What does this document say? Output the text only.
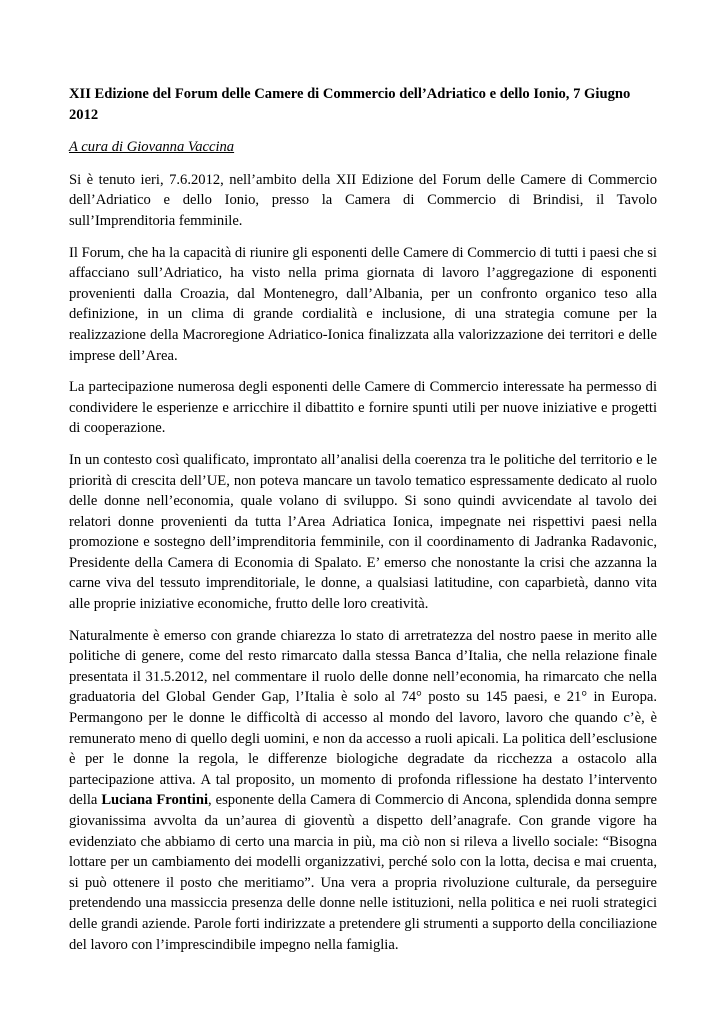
XII Edizione del Forum delle Camere di Commercio dell’Adriatico e dello Ionio, 7 Giugno 2012
A cura di Giovanna Vaccina

Si è tenuto ieri, 7.6.2012, nell’ambito della XII Edizione del Forum delle Camere di Commercio dell’Adriatico e dello Ionio, presso la Camera di Commercio di Brindisi, il Tavolo sull’Imprenditoria femminile.

Il Forum, che ha la capacità di riunire gli esponenti delle Camere di Commercio di tutti i paesi che si affacciano sull’Adriatico, ha visto nella prima giornata di lavoro l’aggregazione di esponenti provenienti dalla Croazia, dal Montenegro, dall’Albania, per un confronto organico teso alla definizione, in un clima di grande cordialità e inclusione, di una strategia comune per la realizzazione della Macroregione Adriatico-Ionica finalizzata alla valorizzazione dei territori e delle imprese dell’Area.

La partecipazione numerosa degli esponenti delle Camere di Commercio interessate ha permesso di condividere le esperienze e arricchire il dibattito e fornire spunti utili per nuove iniziative e progetti di cooperazione.

In un contesto così qualificato, improntato all’analisi della coerenza tra le politiche del territorio e le priorità di crescita dell’UE, non poteva mancare un tavolo tematico espressamente dedicato al ruolo delle donne nell’economia, quale volano di sviluppo. Si sono quindi avvicendate al tavolo dei relatori donne provenienti da tutta l’Area Adriatica Ionica, impegnate nei rispettivi paesi nella promozione e sostegno dell’imprenditoria femminile, con il coordinamento di Jadranka Radavonic, Presidente della Camera di Economia di Spalato. E’ emerso che nonostante la crisi che azzanna la carne viva del tessuto imprenditoriale, le donne, a qualsiasi latitudine, con caparbietà, danno vita alle proprie iniziative economiche, frutto delle loro creatività.

Naturalmente è emerso con grande chiarezza lo stato di arretratezza del nostro paese in merito alle politiche di genere, come del resto rimarcato dalla stessa Banca d’Italia, che nella relazione finale presentata il 31.5.2012, nel commentare il ruolo delle donne nell’economia, ha rimarcato che nella graduatoria del Global Gender Gap, l’Italia è solo al 74° posto su 145 paesi, e 21° in Europa. Permangono per le donne le difficoltà di accesso al mondo del lavoro, lavoro che quando c’è, è remunerato meno di quello degli uomini, e non da accesso a ruoli apicali. La politica dell’esclusione è per le donne la regola, le differenze biologiche degradate da ricchezza a ostacolo alla partecipazione attiva. A tal proposito, un momento di profonda riflessione ha destato l’intervento della Luciana Frontini, esponente della Camera di Commercio di Ancona, splendida donna sempre giovanissima avvolta da un’aurea di gioventù a dispetto dell’anagrafe. Con grande vigore ha evidenziato che abbiamo di certo una marcia in più, ma ciò non si rileva a livello sociale: “Bisogna lottare per un cambiamento dei modelli organizzativi, perché solo con la lotta, decisa e mai cruenta, si può ottenere il posto che meritiamo”. Una vera a propria rivoluzione culturale, da perseguire pretendendo una massiccia presenza delle donne nelle istituzioni, nella politica e nei ruoli strategici delle grandi aziende. Parole forti indirizzate a pretendere gli strumenti a supporto della conciliazione del lavoro con l’imprescindibile impegno nella famiglia.
